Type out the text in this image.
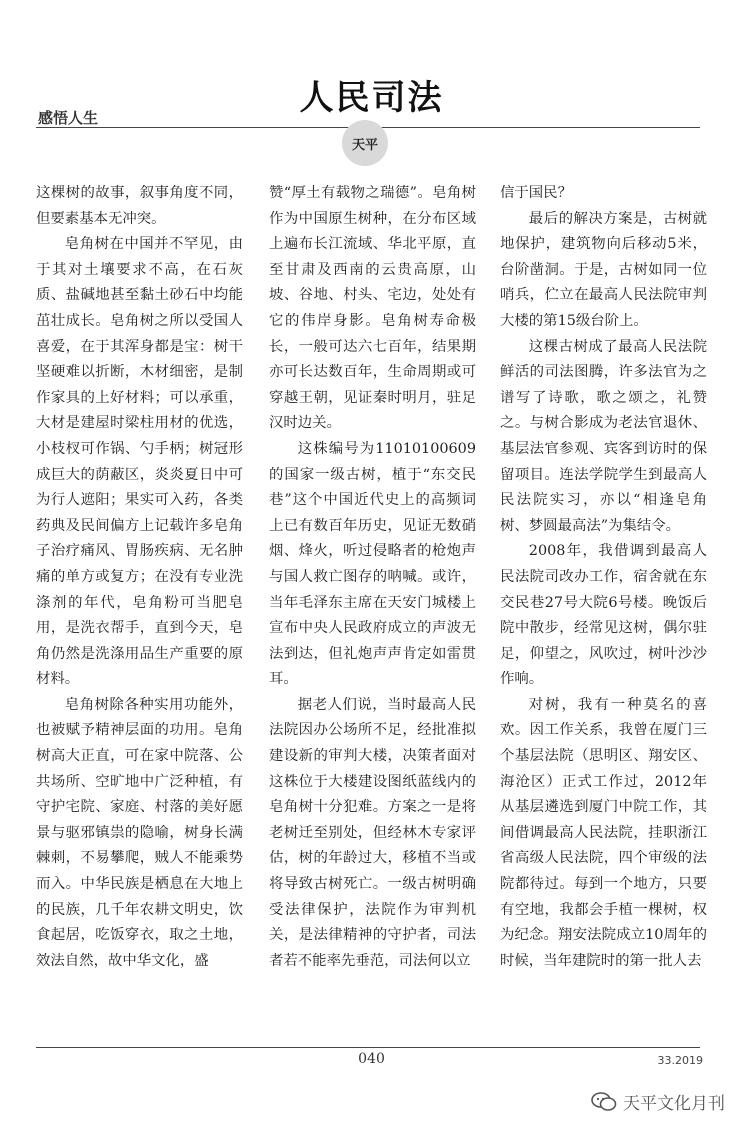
人民司法
感悟人生
天平

这棵树的故事，叙事角度不同，但要素基本无冲突。

皂角树在中国并不罕见，由于其对土壤要求不高，在石灰质、盐碱地甚至黏土砂石中均能茁壮成长。皂角树之所以受国人喜爱，在于其浑身都是宝：树干坚硬难以折断，木材细密，是制作家具的上好材料；可以承重，大材是建屋时梁柱用材的优选，小枝杈可作锅、勺手柄；树冠形成巨大的荫蔽区，炎炎夏日中可为行人遮阳；果实可入药，各类药典及民间偏方上记载许多皂角子治疗痛风、胃肠疾病、无名肿痛的单方或复方；在没有专业洗涤剂的年代，皂角粉可当肥皂用，是洗衣帮手，直到今天，皂角仍然是洗涤用品生产重要的原材料。

皂角树除各种实用功能外，也被赋予精神层面的功用。皂角树高大正直，可在家中院落、公共场所、空旷地中广泛种植，有守护宅院、家庭、村落的美好愿景与驱邪镇祟的隐喻，树身长满棘刺，不易攀爬，贼人不能乘势而入。中华民族是栖息在大地上的民族，几千年农耕文明史，饮食起居，吃饭穿衣，取之土地，效法自然，故中华文化，盛

赞“厚土有载物之瑞德”。皂角树作为中国原生树种，在分布区域上遍布长江流域、华北平原，直至甘肃及西南的云贵高原，山坡、谷地、村头、宅边，处处有它的伟岸身影。皂角树寿命极长，一般可达六七百年，结果期亦可长达数百年，生命周期或可穿越王朝，见证秦时明月，驻足汉时边关。

这株编号为11010100609的国家一级古树，植于“东交民巷”这个中国近代史上的高频词上已有数百年历史，见证无数硝烟、烽火，听过侵略者的枪炮声与国人救亡图存的呐喊。或许，当年毛泽东主席在天安门城楼上宣布中央人民政府成立的声波无法到达，但礼炮声声肯定如雷贯耳。

据老人们说，当时最高人民法院因办公场所不足，经批准拟建设新的审判大楼，决策者面对这株位于大楼建设图纸蓝线内的皂角树十分犯难。方案之一是将老树迁至别处，但经林木专家评估，树的年龄过大，移植不当或将导致古树死亡。一级古树明确受法律保护，法院作为审判机关，是法律精神的守护者，司法者若不能率先垂范，司法何以立

信于国民？

最后的解决方案是，古树就地保护，建筑物向后移动5米，台阶凿洞。于是，古树如同一位哨兵，伫立在最高人民法院审判大楼的第15级台阶上。

这棵古树成了最高人民法院鲜活的司法图腾，许多法官为之谱写了诗歌，歌之颂之，礼赞之。与树合影成为老法官退休、基层法官参观、宾客到访时的保留项目。连法学院学生到最高人民法院实习，亦以“相逢皂角树、梦圆最高法”为集结令。

2008年，我借调到最高人民法院司改办工作，宿舍就在东交民巷27号大院6号楼。晚饭后院中散步，经常见这树，偶尔驻足，仰望之，风吹过，树叶沙沙作响。

对树，我有一种莫名的喜欢。因工作关系，我曾在厦门三个基层法院（思明区、翔安区、海沧区）正式工作过，2012年从基层遴选到厦门中院工作，其间借调最高人民法院，挂职浙江省高级人民法院，四个审级的法院都待过。每到一个地方，只要有空地，我都会手植一棵树，权为纪念。翔安法院成立10周年的时候，当年建院时的第一批人去

040	33.2019
天平文化月刊
